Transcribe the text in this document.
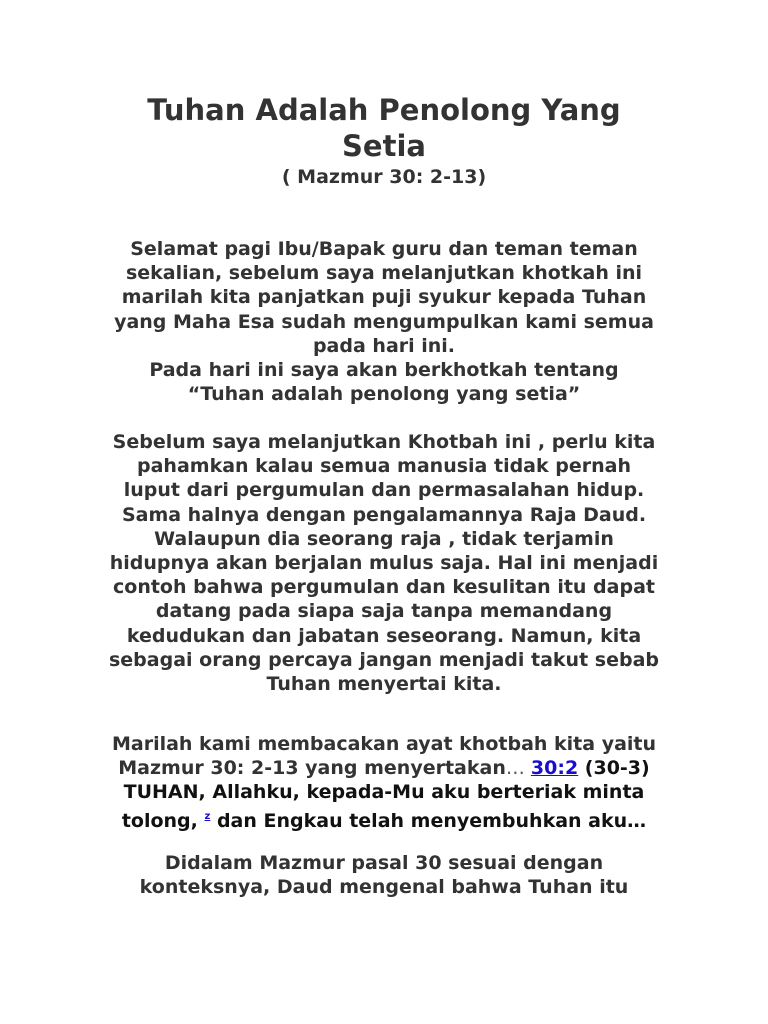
Tuhan Adalah Penolong Yang
Setia
( Mazmur 30: 2-13)

Selamat pagi Ibu/Bapak guru dan teman teman
sekalian, sebelum saya melanjutkan khotkah ini
marilah kita panjatkan puji syukur kepada Tuhan
yang Maha Esa sudah mengumpulkan kami semua
pada hari ini.
Pada hari ini saya akan berkhotkah tentang
“Tuhan adalah penolong yang setia”

Sebelum saya melanjutkan Khotbah ini , perlu kita
pahamkan kalau semua manusia tidak pernah
luput dari pergumulan dan permasalahan hidup.
Sama halnya dengan pengalamannya Raja Daud.
Walaupun dia seorang raja , tidak terjamin
hidupnya akan berjalan mulus saja. Hal ini menjadi
contoh bahwa pergumulan dan kesulitan itu dapat
datang pada siapa saja tanpa memandang
kedudukan dan jabatan seseorang. Namun, kita
sebagai orang percaya jangan menjadi takut sebab
Tuhan menyertai kita.

Marilah kami membacakan ayat khotbah kita yaitu
Mazmur 30: 2-13 yang menyertakan… 30:2 (30-3)
TUHAN, Allahku, kepada-Mu aku berteriak minta
tolong, $^z$ dan Engkau telah menyembuhkan aku…

Didalam Mazmur pasal 30 sesuai dengan
konteksnya, Daud mengenal bahwa Tuhan itu
